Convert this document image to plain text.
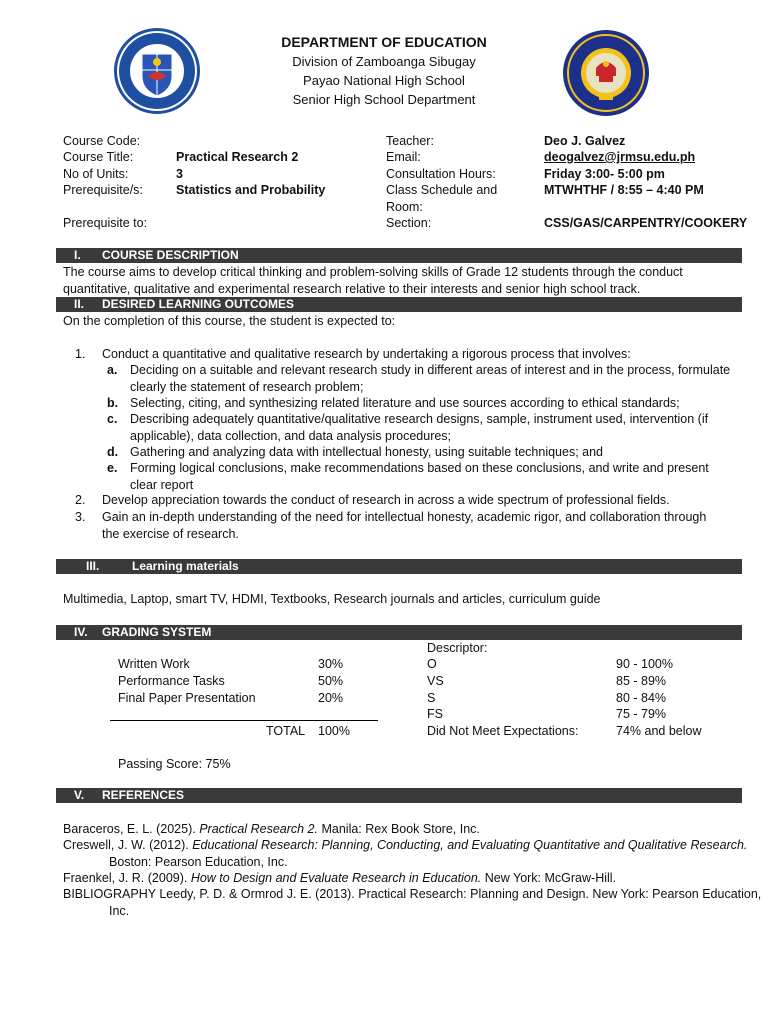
DEPARTMENT OF EDUCATION
Division of Zamboanga Sibugay
Payao National High School
Senior High School Department
Course Code:
Course Title:	Practical Research 2
No of Units:	3
Prerequisite/s:	Statistics and Probability
Prerequisite to:
Teacher:	Deo J. Galvez
Email:	deogalvez@jrmsu.edu.ph
Consultation Hours:	Friday 3:00- 5:00 pm
Class Schedule and	MTWHTHF / 8:55 – 4:40 PM
Room:
Section:	CSS/GAS/CARPENTRY/COOKERY
I. COURSE DESCRIPTION
The course aims to develop critical thinking and problem-solving skills of Grade 12 students through the conduct quantitative, qualitative and experimental research relative to their interests and senior high school track.
II. DESIRED LEARNING OUTCOMES
On the completion of this course, the student is expected to:
1. Conduct a quantitative and qualitative research by undertaking a rigorous process that involves:
a. Deciding on a suitable and relevant research study in different areas of interest and in the process, formulate clearly the statement of research problem;
b. Selecting, citing, and synthesizing related literature and use sources according to ethical standards;
c. Describing adequately quantitative/qualitative research designs, sample, instrument used, intervention (if applicable), data collection, and data analysis procedures;
d. Gathering and analyzing data with intellectual honesty, using suitable techniques; and
e. Forming logical conclusions, make recommendations based on these conclusions, and write and present clear report
2. Develop appreciation towards the conduct of research in across a wide spectrum of professional fields.
3. Gain an in-depth understanding of the need for intellectual honesty, academic rigor, and collaboration through the exercise of research.
III.	Learning materials
Multimedia, Laptop, smart TV, HDMI, Textbooks, Research journals and articles, curriculum guide
IV. GRADING SYSTEM
Written Work	30%
Performance Tasks	50%
Final Paper Presentation	20%
TOTAL 100%
Passing Score: 75%
Descriptor:
O	90 - 100%
VS	85 - 89%
S	80 - 84%
FS	75 - 79%
Did Not Meet Expectations:	74% and below
V. REFERENCES
Baraceros, E. L. (2025). Practical Research 2. Manila: Rex Book Store, Inc.
Creswell, J. W. (2012). Educational Research: Planning, Conducting, and Evaluating Quantitative and Qualitative Research. Boston: Pearson Education, Inc.
Fraenkel, J. R. (2009). How to Design and Evaluate Research in Education. New York: McGraw-Hill.
BIBLIOGRAPHY Leedy, P. D. & Ormrod J. E. (2013). Practical Research: Planning and Design. New York: Pearson Education, Inc.
